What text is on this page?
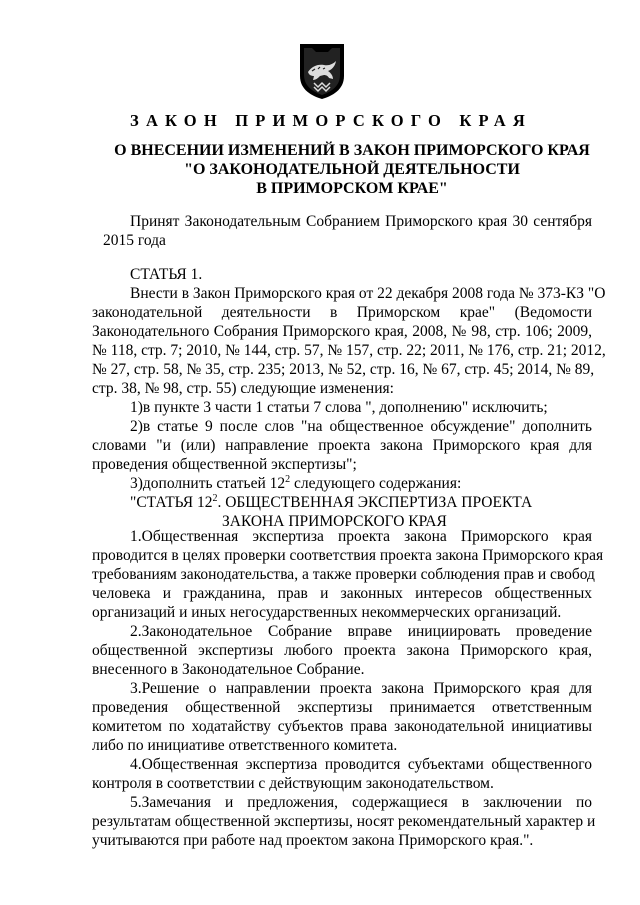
ЗАКОН ПРИМОРСКОГО КРАЯ
О ВНЕСЕНИИ ИЗМЕНЕНИЙ В ЗАКОН ПРИМОРСКОГО КРАЯ
"О ЗАКОНОДАТЕЛЬНОЙ ДЕЯТЕЛЬНОСТИ
В ПРИМОРСКОМ КРАЕ"
Принят Законодательным Собранием Приморского края 30 сентября
2015 года
СТАТЬЯ 1.
Внести в Закон Приморского края от 22 декабря 2008 года № 373-КЗ "О
законодательной деятельности в Приморском крае" (Ведомости
Законодательного Собрания Приморского края, 2008, № 98, стр. 106; 2009,
№ 118, стр. 7; 2010, № 144, стр. 57, № 157, стр. 22; 2011, № 176, стр. 21; 2012,
№ 27, стр. 58, № 35, стр. 235; 2013, № 52, стр. 16, № 67, стр. 45; 2014, № 89,
стр. 38, № 98, стр. 55) следующие изменения:
1)в пункте 3 части 1 статьи 7 слова ", дополнению" исключить;
2)в статье 9 после слов "на общественное обсуждение" дополнить
словами "и (или) направление проекта закона Приморского края для
проведения общественной экспертизы";
3)дополнить статьей $12^2$ следующего содержания:
"СТАТЬЯ $12^2$. ОБЩЕСТВЕННАЯ ЭКСПЕРТИЗА ПРОЕКТА
ЗАКОНА ПРИМОРСКОГО КРАЯ
1.Общественная экспертиза проекта закона Приморского края
проводится в целях проверки соответствия проекта закона Приморского края
требованиям законодательства, а также проверки соблюдения прав и свобод
человека и гражданина, прав и законных интересов общественных
организаций и иных негосударственных некоммерческих организаций.
2.Законодательное Собрание вправе инициировать проведение
общественной экспертизы любого проекта закона Приморского края,
внесенного в Законодательное Собрание.
3.Решение о направлении проекта закона Приморского края для
проведения общественной экспертизы принимается ответственным
комитетом по ходатайству субъектов права законодательной инициативы
либо по инициативе ответственного комитета.
4.Общественная экспертиза проводится субъектами общественного
контроля в соответствии с действующим законодательством.
5.Замечания и предложения, содержащиеся в заключении по
результатам общественной экспертизы, носят рекомендательный характер и
учитываются при работе над проектом закона Приморского края.".
